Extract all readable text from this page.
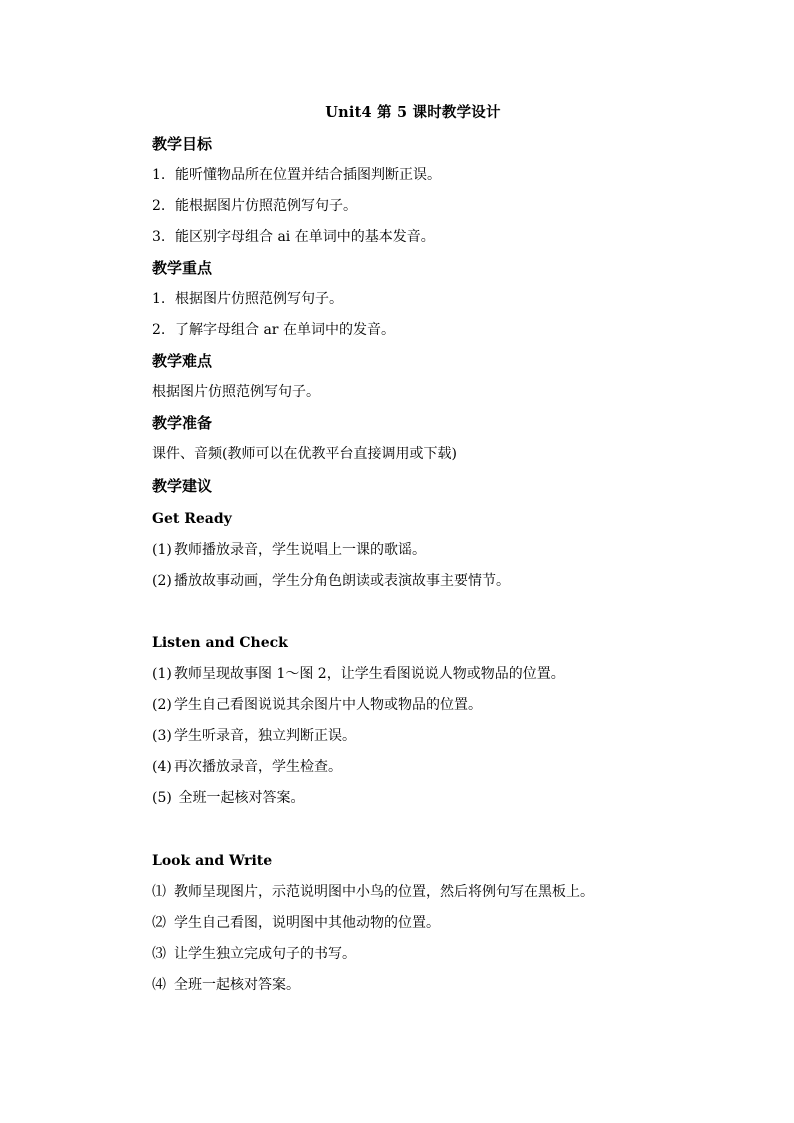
Unit4 第 5 课时教学设计
教学目标
1. 能听懂物品所在位置并结合插图判断正误。
2. 能根据图片仿照范例写句子。
3. 能区别字母组合 ai 在单词中的基本发音。
教学重点
1. 根据图片仿照范例写句子。
2. 了解字母组合 ar 在单词中的发音。
教学难点
根据图片仿照范例写句子。
教学准备
课件、音频(教师可以在优教平台直接调用或下载)
教学建议
Get Ready
(1) 教师播放录音，学生说唱上一课的歌谣。
(2) 播放故事动画，学生分角色朗读或表演故事主要情节。
Listen and Check
(1) 教师呈现故事图 1～图 2，让学生看图说说人物或物品的位置。
(2) 学生自己看图说说其余图片中人物或物品的位置。
(3) 学生听录音，独立判断正误。
(4) 再次播放录音，学生检查。
(5) 全班一起核对答案。
Look and Write
⑴ 教师呈现图片，示范说明图中小鸟的位置，然后将例句写在黑板上。
⑵ 学生自己看图，说明图中其他动物的位置。
⑶ 让学生独立完成句子的书写。
⑷ 全班一起核对答案。
